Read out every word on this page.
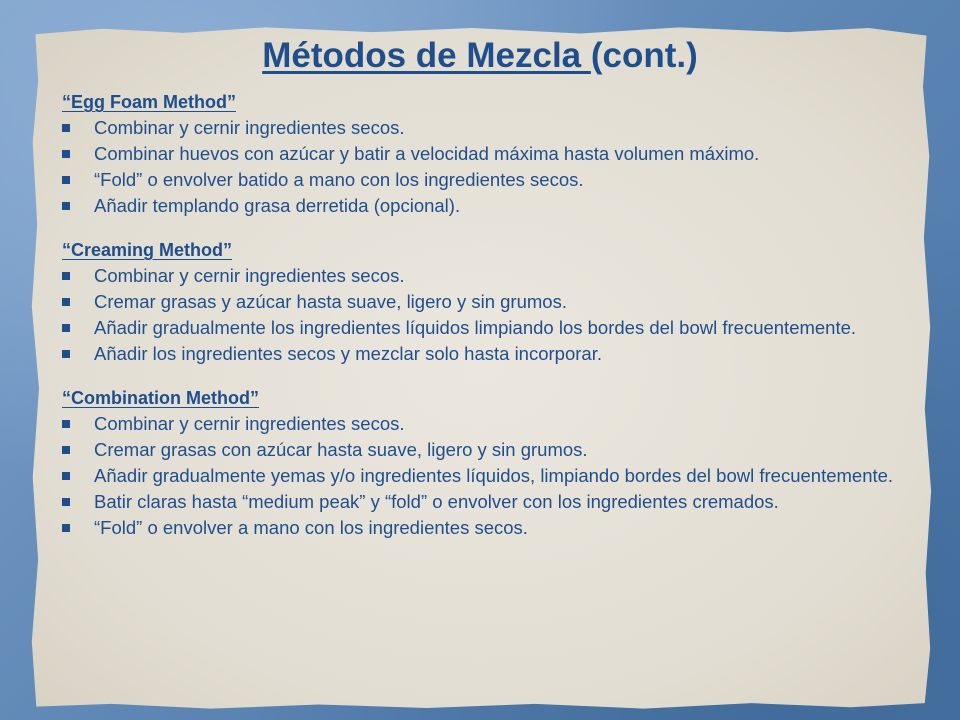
Métodos de Mezcla (cont.)
“Egg Foam Method”
Combinar y cernir ingredientes secos.
Combinar huevos con azúcar y batir a velocidad máxima hasta volumen máximo.
“Fold” o envolver batido a mano con los ingredientes secos.
Añadir templando grasa derretida (opcional).
“Creaming Method”
Combinar y cernir ingredientes secos.
Cremar grasas y azúcar hasta suave, ligero y sin grumos.
Añadir gradualmente los ingredientes líquidos limpiando los bordes del bowl frecuentemente.
Añadir los ingredientes secos y mezclar solo hasta incorporar.
“Combination Method”
Combinar y cernir ingredientes secos.
Cremar grasas con azúcar hasta suave, ligero y sin grumos.
Añadir gradualmente yemas y/o ingredientes líquidos, limpiando bordes del bowl frecuentemente.
Batir claras hasta “medium peak” y “fold” o envolver con los ingredientes cremados.
“Fold” o envolver a mano con los ingredientes secos.
